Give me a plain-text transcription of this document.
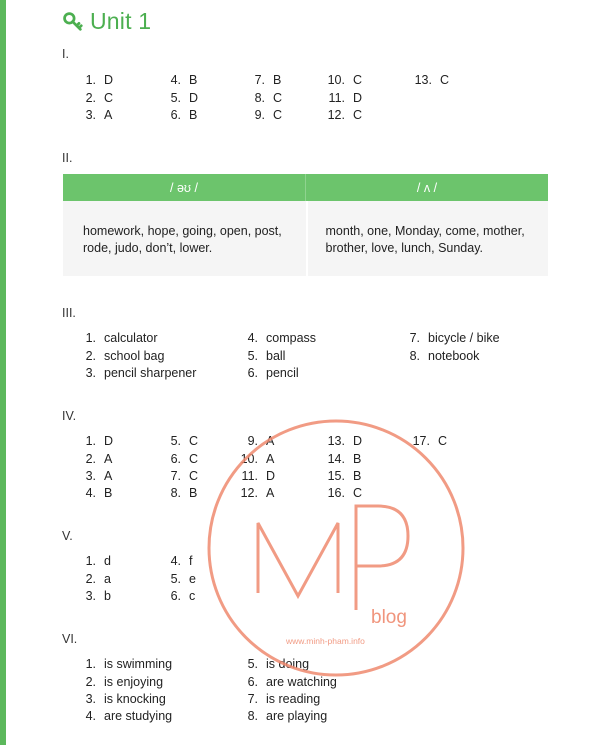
Unit 1
I.
1. D
2. C
3. A
4. B
5. D
6. B
7. B
8. C
9. C
10. C
11. D
12. C
13. C
II.
/ əʊ /	/ ʌ /
homework, hope, going, open, post,
rode, judo, don’t, lower.
month, one, Monday, come, mother,
brother, love, lunch, Sunday.
III.
1. calculator
2. school bag
3. pencil sharpener
4. compass
5. ball
6. pencil
7. bicycle / bike
8. notebook
IV.
1. D
2. A
3. A
4. B
5. C
6. C
7. C
8. B
9. A
10. A
11. D
12. A
13. D
14. B
15. B
16. C
17. C
V.
1. d
2. a
3. b
4. f
5. e
6. c
VI.
1. is swimming
2. is enjoying
3. is knocking
4. are studying
5. is doing
6. are watching
7. is reading
8. are playing
blog
www.minh-pham.info
